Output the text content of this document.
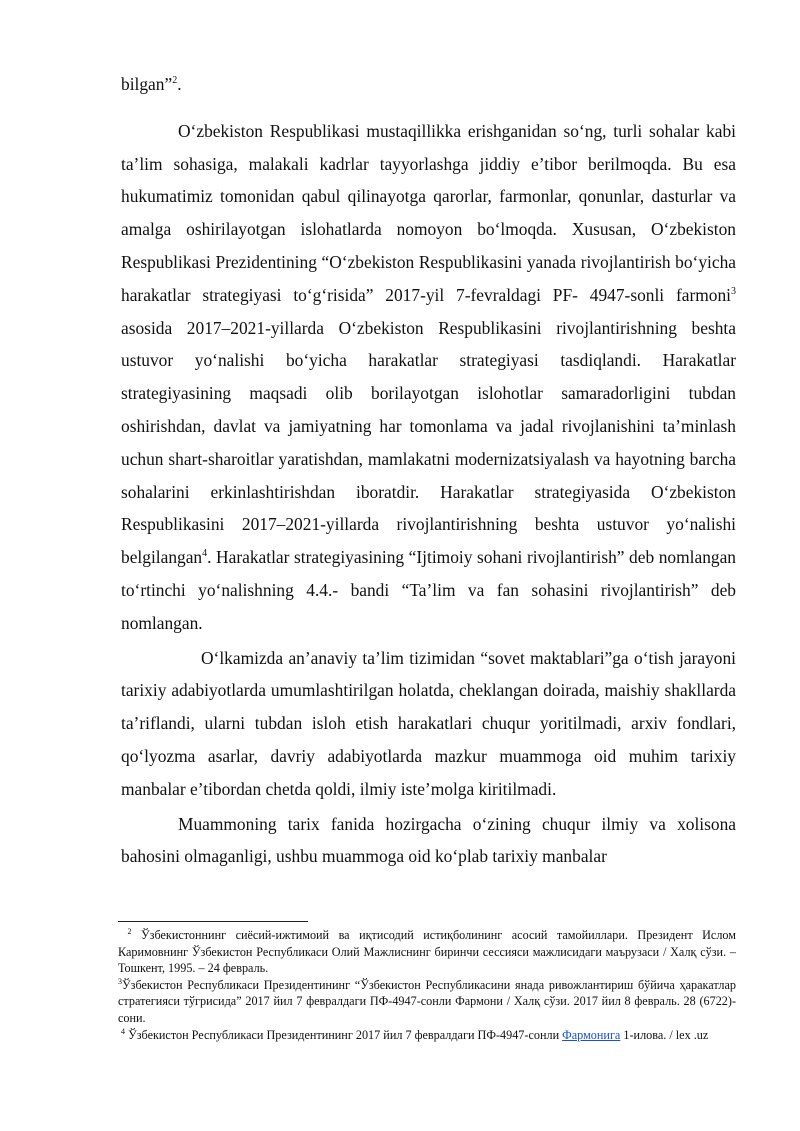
bilgan”$^2$.

O‘zbekiston Respublikasi mustaqillikka erishganidan so‘ng, turli sohalar kabi ta’lim sohasiga, malakali kadrlar tayyorlashga jiddiy e’tibor berilmoqda. Bu esa hukumatimiz tomonidan qabul qilinayotga qarorlar, farmonlar, qonunlar, dasturlar va amalga oshirilayotgan islohatlarda nomoyon bo‘lmoqda. Xususan, O‘zbekiston Respublikasi Prezidentining “O‘zbekiston Respublikasini yanada rivojlantirish bo‘yicha harakatlar strategiyasi to‘g‘risida” 2017-yil 7-fevraldagi PF- 4947-sonli farmoni$^3$ asosida 2017–2021-yillarda O‘zbekiston Respublikasini rivojlantirishning beshta ustuvor yo‘nalishi bo‘yicha harakatlar strategiyasi tasdiqlandi. Harakatlar strategiyasining maqsadi olib borilayotgan islohotlar samaradorligini tubdan oshirishdan, davlat va jamiyatning har tomonlama va jadal rivojlanishini ta’minlash uchun shart-sharoitlar yaratishdan, mamlakatni modernizatsiyalash va hayotning barcha sohalarini erkinlashtirishdan iboratdir. Harakatlar strategiyasida O‘zbekiston Respublikasini 2017–2021-yillarda rivojlantirishning beshta ustuvor yo‘nalishi belgilangan$^4$. Harakatlar strategiyasining “Ijtimoiy sohani rivojlantirish” deb nomlangan to‘rtinchi yo‘nalishning 4.4.- bandi “Ta’lim va fan sohasini rivojlantirish” deb nomlangan.

O‘lkamizda an’anaviy ta’lim tizimidan “sovet maktablari”ga o‘tish jarayoni tarixiy adabiyotlarda umumlashtirilgan holatda, cheklangan doirada, maishiy shakllarda ta’riflandi, ularni tubdan isloh etish harakatlari chuqur yoritilmadi, arxiv fondlari, qo‘lyozma asarlar, davriy adabiyotlarda mazkur muammoga oid muhim tarixiy manbalar e’tibordan chetda qoldi, ilmiy iste’molga kiritilmadi.

Muammoning tarix fanida hozirgacha o‘zining chuqur ilmiy va xolisona bahosini olmaganligi, ushbu muammoga oid ko‘plab tarixiy manbalar

$^2$ Ўзбекистоннинг сиёсий-ижтимоий ва иқтисодий истиқболининг асосий тамойиллари. Президент Ислом Каримовнинг Ўзбекистон Республикаси Олий Мажлиснинг биринчи сессияси мажлисидаги маърузаси / Халқ сўзи. – Тошкент, 1995. – 24 февраль.

$^3$Ўзбекистон Республикаси Президентининг “Ўзбекистон Республикасини янада ривожлантириш бўйича ҳаракатлар стратегияси тўгрисида” 2017 йил 7 февралдаги ПФ-4947-сонли Фармони / Халқ сўзи. 2017 йил 8 февраль. 28 (6722)-сони.

$^4$ Ўзбекистон Республикаси Президентининг 2017 йил 7 февралдаги ПФ-4947-сонли Фармонига 1-илова. / lex .uz
